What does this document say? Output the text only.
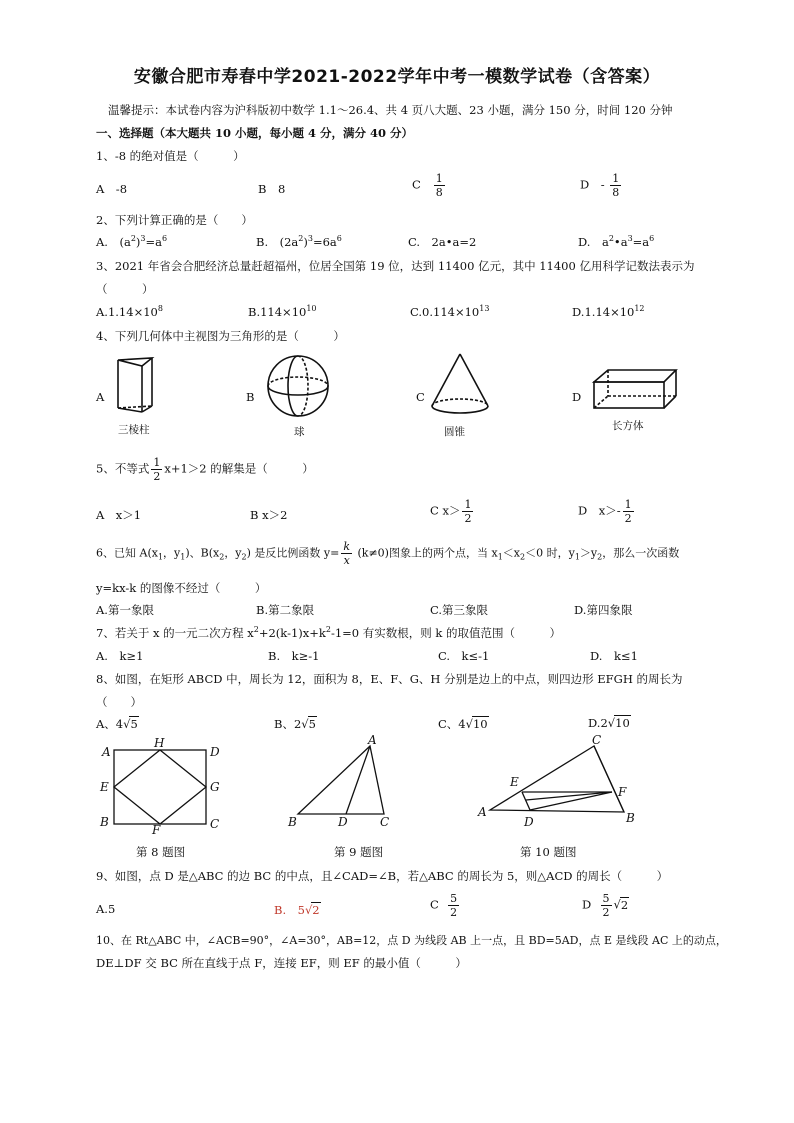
安徽合肥市寿春中学2021-2022学年中考一模数学试卷（含答案）
温馨提示：本试卷内容为沪科版初中数学 1.1～26.4、共 4 页八大题、23 小题，满分 150 分，时间 120 分钟
一、选择题（本大题共 10 小题，每小题 4 分，满分 40 分）
1、-8 的绝对值是（　　　）
A　-8	B　8	C $\frac{1}{8}$	D　- $\frac{1}{8}$
2、下列计算正确的是（　　）
A.　$(a^2)^3=a^6$	B.　$(2a^2)^3=6a^6$	C.　2a•a=2	D.　$a^2•a^3=a^6$
3、2021 年省会合肥经济总量赶超福州，位居全国第 19 位，达到 11400 亿元，其中 11400 亿用科学记数法表示为
（　　　）
$A.1.14\times 10^8$	$B.114\times 10^{10}$	$C.0.114\times 10^{13}$	$D.1.14\times 10^{12}$
4、下列几何体中主视图为三角形的是（　　　）
A	B	C	D
三棱柱	球	圆锥	长方体
5、不等式 $\frac{1}{2} x+1>2$ 的解集是（　　　）
A　x＞1	B x＞2	C $x> \frac{1}{2}$	D　$x>- \frac{1}{2}$
6、已知 $A(x_1$，$y_1$)、$B(x_2$，$y_2$) 是反比例函数 $y= \frac{k}{x} (k\ne 0)$图象上的两个点，当 $x_1<x_2<0$ 时，$y_1>y_2$，那么一次函数
y=kx-k 的图像不经过（　　　）
A.第一象限	B.第二象限	C.第三象限	D.第四象限
7、若关于 x 的一元二次方程 $x^2+2(k-1)x+k^2-1=0$ 有实数根，则 k 的取值范围（　　　）
A.　k≥1	B.　k≥-1	C.　k≤-1	D.　k≤1
8、如图，在矩形 ABCD 中，周长为 12，面积为 8，E、F、G、H 分别是边上的中点，则四边形 EFGH 的周长为
（　　）
A、4√5	B、2√5	C、4√10	D.2√10
A
H
D
E	G
B
F	C
第 8 题图
A
B	D	C
第 9 题图
C
E
F
A
D	B
第 10 题图
9、如图，点 D 是△ABC 的边 BC 的中点，且∠CAD=∠B，若△ABC 的周长为 5，则△ACD 的周长（　　　）
A.5	B.　5√2	C $\frac{5}{2}$	D $\frac{5}{2} √2$
10、在 Rt△ABC 中，∠ACB=90°，∠A=30°，AB=12，点 D 为线段 AB 上一点，且 BD=5AD，点 E 是线段 AC 上的动点，
DE⊥DF 交 BC 所在直线于点 F，连接 EF，则 EF 的最小值（　　　）
